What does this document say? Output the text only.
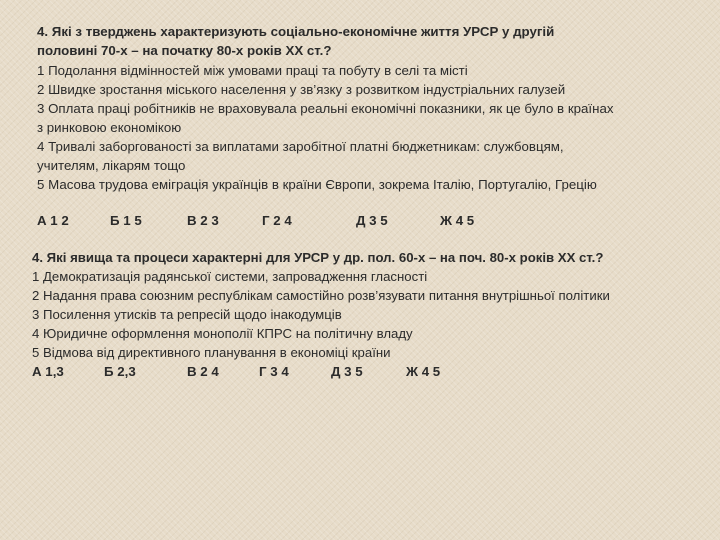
4. Які з тверджень характеризують соціально-економічне життя УРСР у другій
половині 70-х – на початку 80-х років XX ст.?
1 Подолання відмінностей між умовами праці та побуту в селі та місті
2 Швидке зростання міського населення у зв’язку з розвитком індустріальних галузей
3 Оплата праці робітників не враховувала реальні економічні показники, як це було в країнах
з ринковою економікою
4 Тривалі заборгованості за виплатами заробітної платні бюджетникам: службовцям,
учителям, лікарям тощо
5 Масова трудова еміграція українців в країни Європи, зокрема Італію, Португалію, Грецію
А 1 2	Б 1 5	В 2 3	Г 2 4	Д 3 5	Ж 4 5
4. Які явища та процеси характерні для УРСР у др. пол. 60-х – на поч. 80-х років XX ст.?
1 Демократизація радянської системи, запровадження гласності
2 Надання права союзним республікам самостійно розв’язувати питання внутрішньої політики
3 Посилення утисків та репресій щодо інакодумців
4 Юридичне оформлення монополії КПРС на політичну владу
5 Відмова від директивного планування в економіці країни
А 1,3	Б 2,3	В 2 4	Г 3 4	Д 3 5	Ж 4 5
